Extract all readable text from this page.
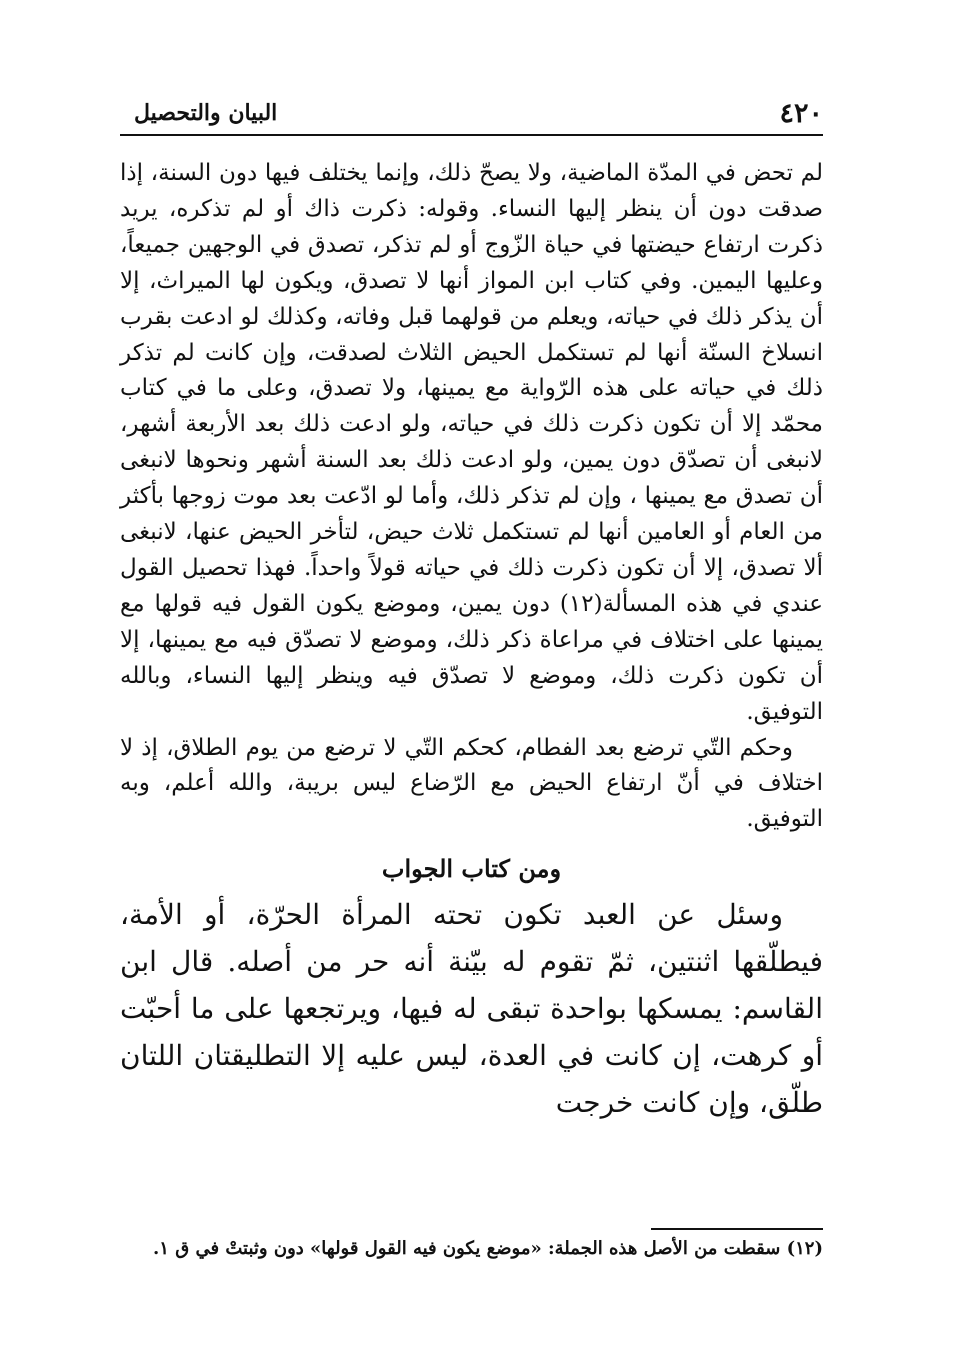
٤٢٠
البيان والتحصيل

لم تحض في المدّة الماضية، ولا يصحّ ذلك، وإنما يختلف فيها دون السنة، إذا صدقت دون أن ينظر إليها النساء. وقوله: ذكرت ذاك أو لم تذكره، يريد ذكرت ارتفاع حيضتها في حياة الزّوج أو لم تذكر، تصدق في الوجهين جميعاً، وعليها اليمين. وفي كتاب ابن المواز أنها لا تصدق، ويكون لها الميراث، إلا أن يذكر ذلك في حياته، ويعلم من قولهما قبل وفاته، وكذلك لو ادعت بقرب انسلاخ السنّة أنها لم تستكمل الحيض الثلاث لصدقت، وإن كانت لم تذكر ذلك في حياته على هذه الرّواية مع يمينها، ولا تصدق، وعلى ما في كتاب محمّد إلا أن تكون ذكرت ذلك في حياته، ولو ادعت ذلك بعد الأربعة أشهر، لانبغى أن تصدّق دون يمين، ولو ادعت ذلك بعد السنة أشهر ونحوها لانبغى أن تصدق مع يمينها ، وإن لم تذكر ذلك، وأما لو ادّعت بعد موت زوجها بأكثر من العام أو العامين أنها لم تستكمل ثلاث حيض، لتأخر الحيض عنها، لانبغى ألا تصدق، إلا أن تكون ذكرت ذلك في حياته قولاً واحداً. فهذا تحصيل القول عندي في هذه المسألة(١٢) دون يمين، وموضع يكون القول فيه قولها مع يمينها على اختلاف في مراعاة ذكر ذلك، وموضع لا تصدّق فيه مع يمينها، إلا أن تكون ذكرت ذلك، وموضع لا تصدّق فيه وينظر إليها النساء، وبالله التوفيق.

وحكم التّي ترضع بعد الفطام، كحكم التّي لا ترضع من يوم الطلاق، إذ لا اختلاف في أنّ ارتفاع الحيض مع الرّضاع ليس بريبة، والله أعلم، وبه التوفيق.

ومن كتاب الجواب

وسئل عن العبد تكون تحته المرأة الحرّة، أو الأمة، فيطلّقها اثنتين، ثمّ تقوم له بيّنة أنه حر من أصله. قال ابن القاسم: يمسكها بواحدة تبقى له فيها، ويرتجعها على ما أحبّت أو كرهت، إن كانت في العدة، ليس عليه إلا التطليقتان اللتان طلّق، وإن كانت خرجت

(١٢) سقطت من الأصل هذه الجملة: «موضع يكون فيه القول قولها» دون وثبتتْ في ق ١.
